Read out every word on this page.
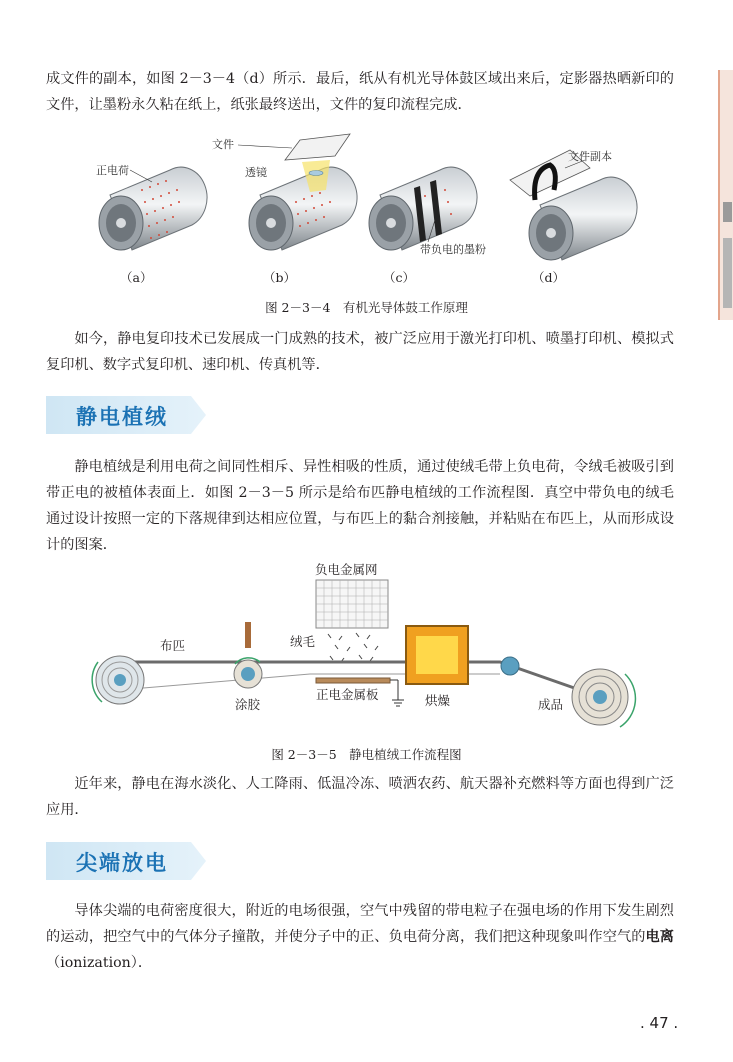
成文件的副本，如图 2－3－4（d）所示．最后，纸从有机光导体鼓区域出来后，定影器热晒新印的文件，让墨粉永久粘在纸上，纸张最终送出，文件的复印流程完成．

正电荷
（a）
文件
透镜
（b）
带负电的墨粉
（c）
文件副本
（d）
图 2－3－4　有机光导体鼓工作原理

如今，静电复印技术已发展成一门成熟的技术，被广泛应用于激光打印机、喷墨打印机、模拟式复印机、数字式复印机、速印机、传真机等．

静电植绒

静电植绒是利用电荷之间同性相斥、异性相吸的性质，通过使绒毛带上负电荷，令绒毛被吸引到带正电的被植体表面上．如图 2－3－5 所示是给布匹静电植绒的工作流程图．真空中带负电的绒毛通过设计按照一定的下落规律到达相应位置，与布匹上的黏合剂接触，并粘贴在布匹上，从而形成设计的图案．

负电金属网
绒毛
布匹
涂胶
正电金属板	烘燥	成品
图 2－3－5　静电植绒工作流程图

近年来，静电在海水淡化、人工降雨、低温冷冻、喷洒农药、航天器补充燃料等方面也得到广泛应用．

尖端放电

导体尖端的电荷密度很大，附近的电场很强，空气中残留的带电粒子在强电场的作用下发生剧烈的运动，把空气中的气体分子撞散，并使分子中的正、负电荷分离，我们把这种现象叫作空气的电离（ionization）．

. 47 .
